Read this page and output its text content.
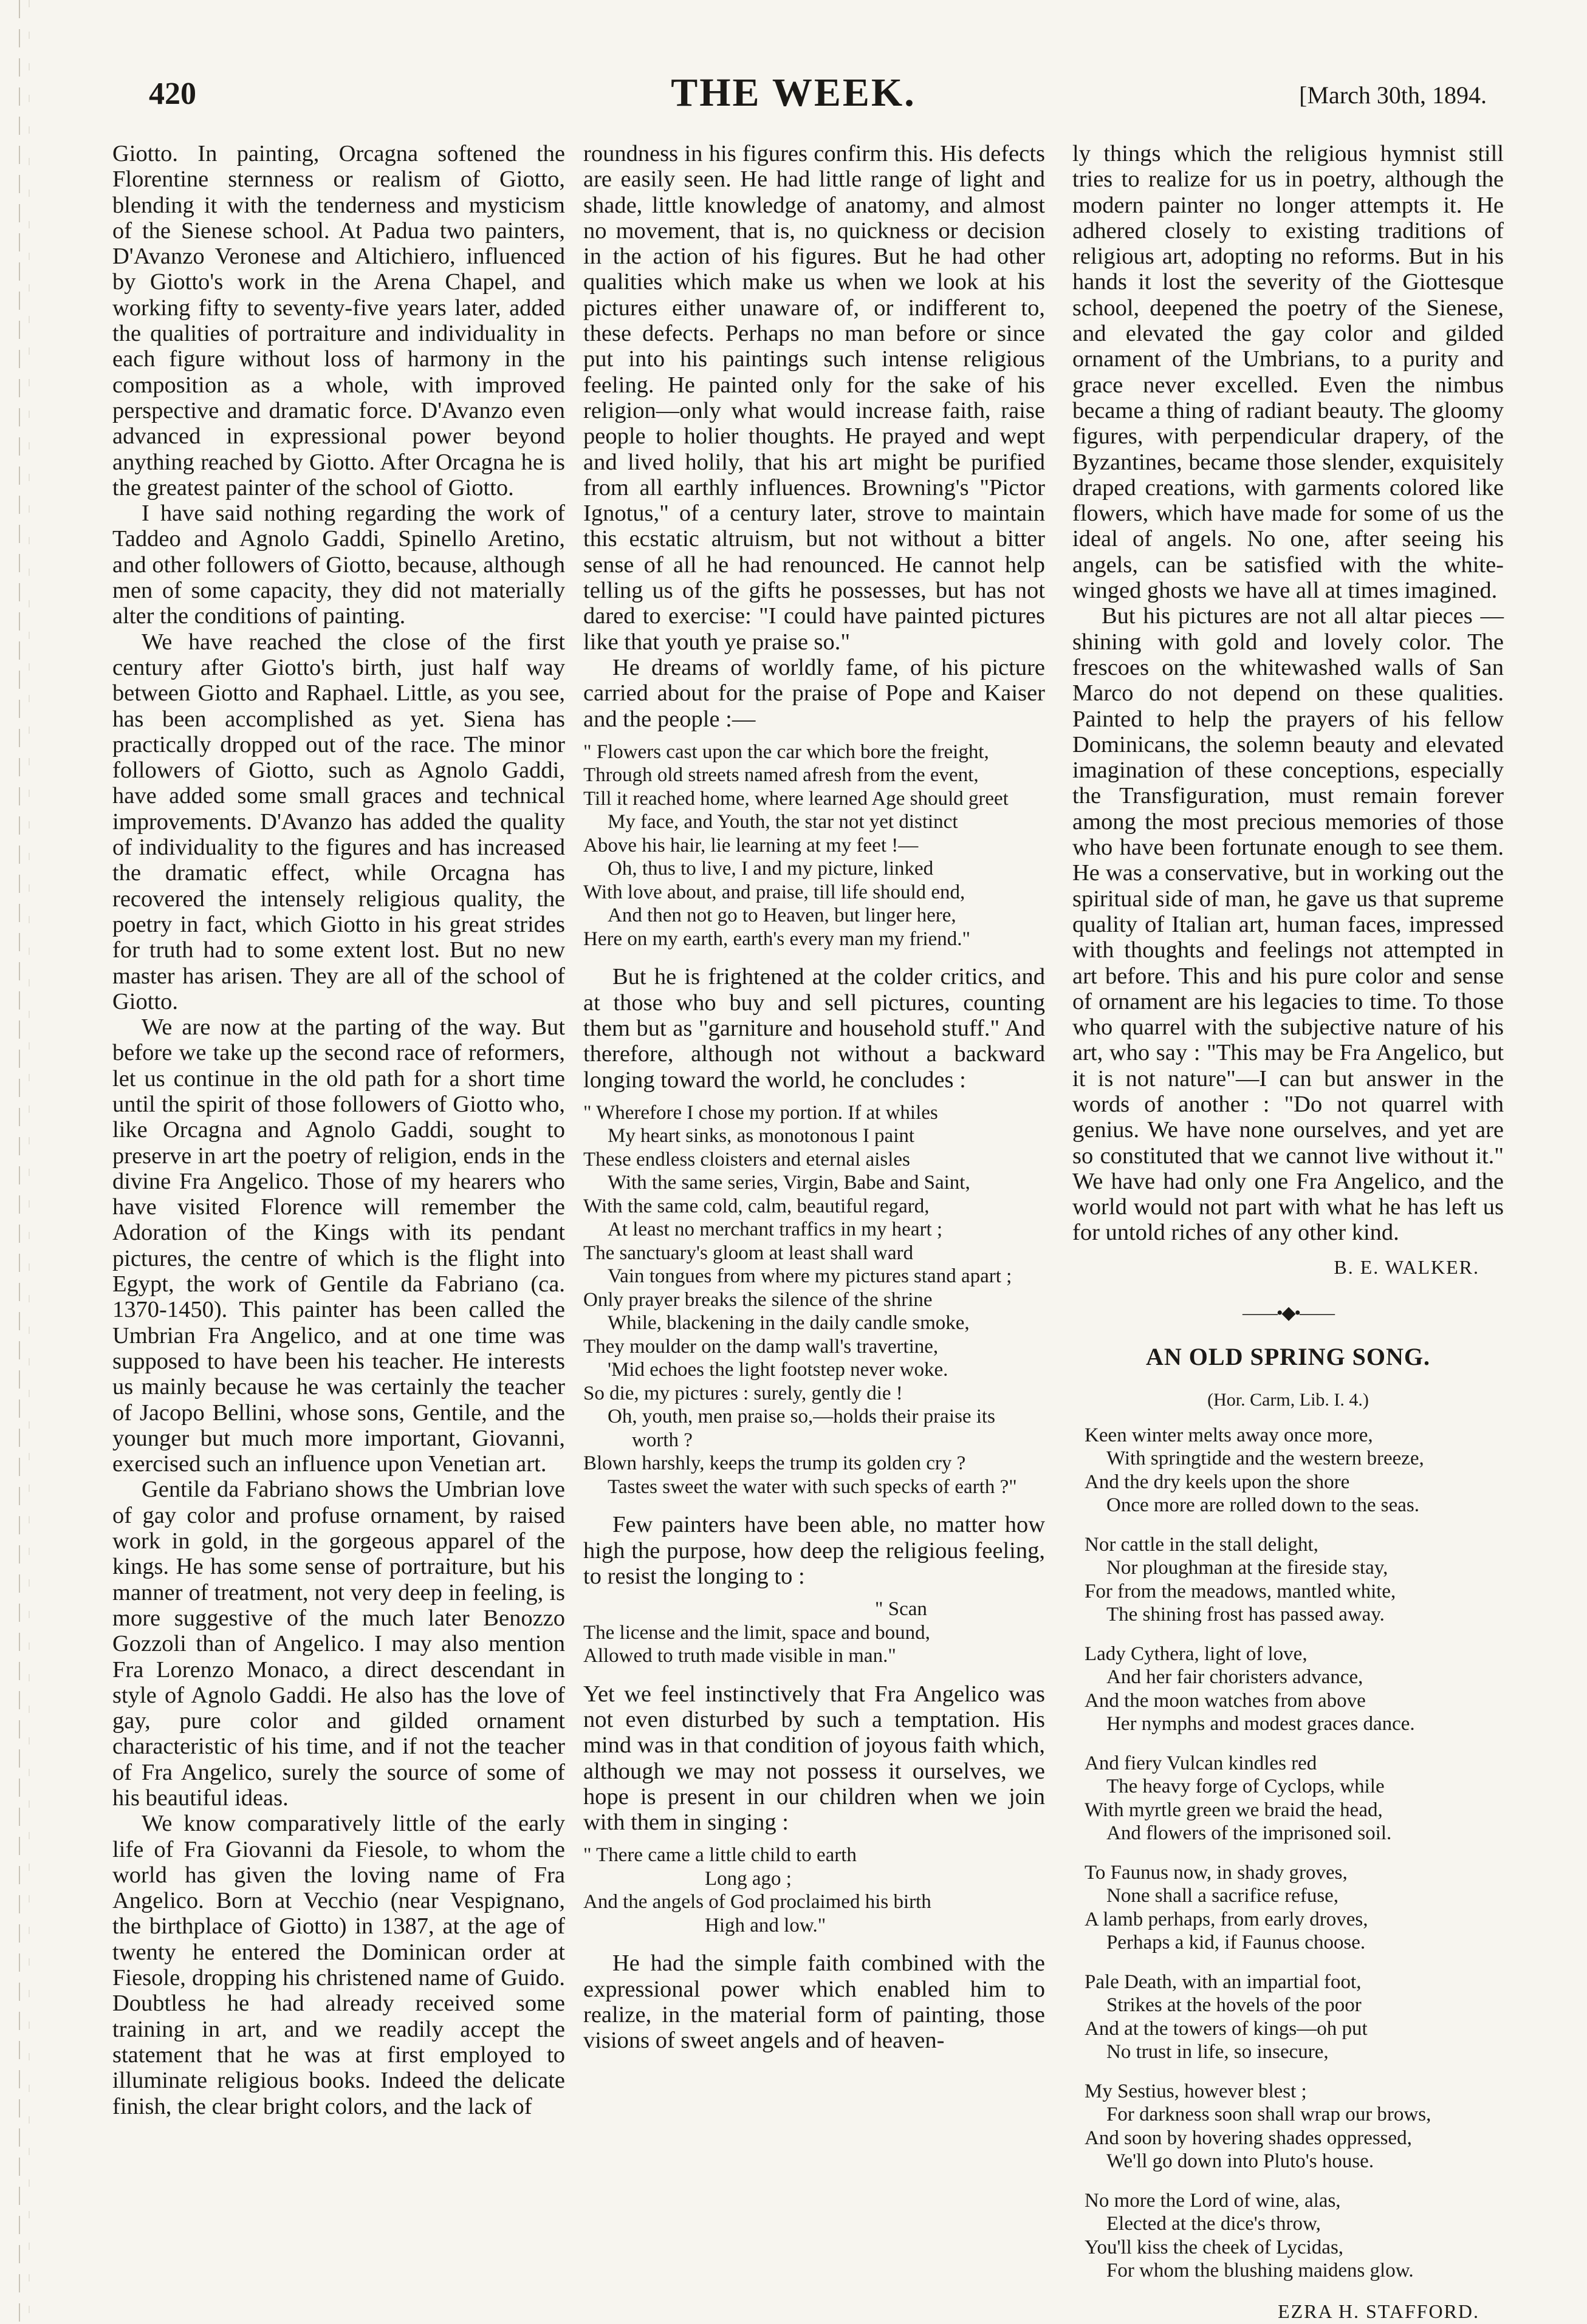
420	THE WEEK.	[March 30th, 1894.

Giotto. In painting, Orcagna softened the Florentine sternness or realism of Giotto, blending it with the tenderness and mysticism of the Sienese school. At Padua two painters, D'Avanzo Veronese and Altichiero, influenced by Giotto's work in the Arena Chapel, and working fifty to seventy-five years later, added the qualities of portraiture and individuality in each figure without loss of harmony in the composition as a whole, with improved perspective and dramatic force. D'Avanzo even advanced in expressional power beyond anything reached by Giotto. After Orcagna he is the greatest painter of the school of Giotto.

I have said nothing regarding the work of Taddeo and Agnolo Gaddi, Spinello Aretino, and other followers of Giotto, because, although men of some capacity, they did not materially alter the conditions of painting.

We have reached the close of the first century after Giotto's birth, just half way between Giotto and Raphael. Little, as you see, has been accomplished as yet. Siena has practically dropped out of the race. The minor followers of Giotto, such as Agnolo Gaddi, have added some small graces and technical improvements. D'Avanzo has added the quality of individuality to the figures and has increased the dramatic effect, while Orcagna has recovered the intensely religious quality, the poetry in fact, which Giotto in his great strides for truth had to some extent lost. But no new master has arisen. They are all of the school of Giotto.

We are now at the parting of the way. But before we take up the second race of reformers, let us continue in the old path for a short time until the spirit of those followers of Giotto who, like Orcagna and Agnolo Gaddi, sought to preserve in art the poetry of religion, ends in the divine Fra Angelico. Those of my hearers who have visited Florence will remember the Adoration of the Kings with its pendant pictures, the centre of which is the flight into Egypt, the work of Gentile da Fabriano (ca. 1370-1450). This painter has been called the Umbrian Fra Angelico, and at one time was supposed to have been his teacher. He interests us mainly because he was certainly the teacher of Jacopo Bellini, whose sons, Gentile, and the younger but much more important, Giovanni, exercised such an influence upon Venetian art.

Gentile da Fabriano shows the Umbrian love of gay color and profuse ornament, by raised work in gold, in the gorgeous apparel of the kings. He has some sense of portraiture, but his manner of treatment, not very deep in feeling, is more suggestive of the much later Benozzo Gozzoli than of Angelico. I may also mention Fra Lorenzo Monaco, a direct descendant in style of Agnolo Gaddi. He also has the love of gay, pure color and gilded ornament characteristic of his time, and if not the teacher of Fra Angelico, surely the source of some of his beautiful ideas.

We know comparatively little of the early life of Fra Giovanni da Fiesole, to whom the world has given the loving name of Fra Angelico. Born at Vecchio (near Vespignano, the birthplace of Giotto) in 1387, at the age of twenty he entered the Dominican order at Fiesole, dropping his christened name of Guido. Doubtless he had already received some training in art, and we readily accept the statement that he was at first employed to illuminate religious books. Indeed the delicate finish, the clear bright colors, and the lack of

roundness in his figures confirm this. His defects are easily seen. He had little range of light and shade, little knowledge of anatomy, and almost no movement, that is, no quickness or decision in the action of his figures. But he had other qualities which make us when we look at his pictures either unaware of, or indifferent to, these defects. Perhaps no man before or since put into his paintings such intense religious feeling. He painted only for the sake of his religion—only what would increase faith, raise people to holier thoughts. He prayed and wept and lived holily, that his art might be purified from all earthly influences. Browning's "Pictor Ignotus," of a century later, strove to maintain this ecstatic altruism, but not without a bitter sense of all he had renounced. He cannot help telling us of the gifts he possesses, but has not dared to exercise: "I could have painted pictures like that youth ye praise so."

He dreams of worldly fame, of his picture carried about for the praise of Pope and Kaiser and the people :—

" Flowers cast upon the car which bore the freight,
Through old streets named afresh from the event,
Till it reached home, where learned Age should greet
My face, and Youth, the star not yet distinct
Above his hair, lie learning at my feet !—
Oh, thus to live, I and my picture, linked
With love about, and praise, till life should end,
And then not go to Heaven, but linger here,
Here on my earth, earth's every man my friend."

But he is frightened at the colder critics, and at those who buy and sell pictures, counting them but as "garniture and household stuff." And therefore, although not without a backward longing toward the world, he concludes :

" Wherefore I chose my portion. If at whiles
My heart sinks, as monotonous I paint
These endless cloisters and eternal aisles
With the same series, Virgin, Babe and Saint,
With the same cold, calm, beautiful regard,
At least no merchant traffics in my heart ;
The sanctuary's gloom at least shall ward
Vain tongues from where my pictures stand apart ;
Only prayer breaks the silence of the shrine
While, blackening in the daily candle smoke,
They moulder on the damp wall's travertine,
'Mid echoes the light footstep never woke.
So die, my pictures : surely, gently die !
Oh, youth, men praise so,—holds their praise its worth ?
Blown harshly, keeps the trump its golden cry ?
Tastes sweet the water with such specks of earth ?"

Few painters have been able, no matter how high the purpose, how deep the religious feeling, to resist the longing to :

" Scan
The license and the limit, space and bound,
Allowed to truth made visible in man."

Yet we feel instinctively that Fra Angelico was not even disturbed by such a temptation. His mind was in that condition of joyous faith which, although we may not possess it ourselves, we hope is present in our children when we join with them in singing :

" There came a little child to earth
Long ago ;
And the angels of God proclaimed his birth
High and low."

He had the simple faith combined with the expressional power which enabled him to realize, in the material form of painting, those visions of sweet angels and of heaven-

ly things which the religious hymnist still tries to realize for us in poetry, although the modern painter no longer attempts it. He adhered closely to existing traditions of religious art, adopting no reforms. But in his hands it lost the severity of the Giottesque school, deepened the poetry of the Sienese, and elevated the gay color and gilded ornament of the Umbrians, to a purity and grace never excelled. Even the nimbus became a thing of radiant beauty. The gloomy figures, with perpendicular drapery, of the Byzantines, became those slender, exquisitely draped creations, with garments colored like flowers, which have made for some of us the ideal of angels. No one, after seeing his angels, can be satisfied with the white-winged ghosts we have all at times imagined.

But his pictures are not all altar pieces —shining with gold and lovely color. The frescoes on the whitewashed walls of San Marco do not depend on these qualities. Painted to help the prayers of his fellow Dominicans, the solemn beauty and elevated imagination of these conceptions, especially the Transfiguration, must remain forever among the most precious memories of those who have been fortunate enough to see them. He was a conservative, but in working out the spiritual side of man, he gave us that supreme quality of Italian art, human faces, impressed with thoughts and feelings not attempted in art before. This and his pure color and sense of ornament are his legacies to time. To those who quarrel with the subjective nature of his art, who say : "This may be Fra Angelico, but it is not nature"—I can but answer in the words of another : "Do not quarrel with genius. We have none ourselves, and yet are so constituted that we cannot live without it." We have had only one Fra Angelico, and the world would not part with what he has left us for untold riches of any other kind.

B. E. WALKER.
——•◆•——
AN OLD SPRING SONG.
(Hor. Carm, Lib. I. 4.)
Keen winter melts away once more,
With springtide and the western breeze,
And the dry keels upon the shore
Once more are rolled down to the seas.
Nor cattle in the stall delight,
Nor ploughman at the fireside stay,
For from the meadows, mantled white,
The shining frost has passed away.
Lady Cythera, light of love,
And her fair choristers advance,
And the moon watches from above
Her nymphs and modest graces dance.
And fiery Vulcan kindles red
The heavy forge of Cyclops, while
With myrtle green we braid the head,
And flowers of the imprisoned soil.
To Faunus now, in shady groves,
None shall a sacrifice refuse,
A lamb perhaps, from early droves,
Perhaps a kid, if Faunus choose.
Pale Death, with an impartial foot,
Strikes at the hovels of the poor
And at the towers of kings—oh put
No trust in life, so insecure,
My Sestius, however blest ;
For darkness soon shall wrap our brows,
And soon by hovering shades oppressed,
We'll go down into Pluto's house.
No more the Lord of wine, alas,
Elected at the dice's throw,
You'll kiss the cheek of Lycidas,
For whom the blushing maidens glow.
EZRA H. STAFFORD.
